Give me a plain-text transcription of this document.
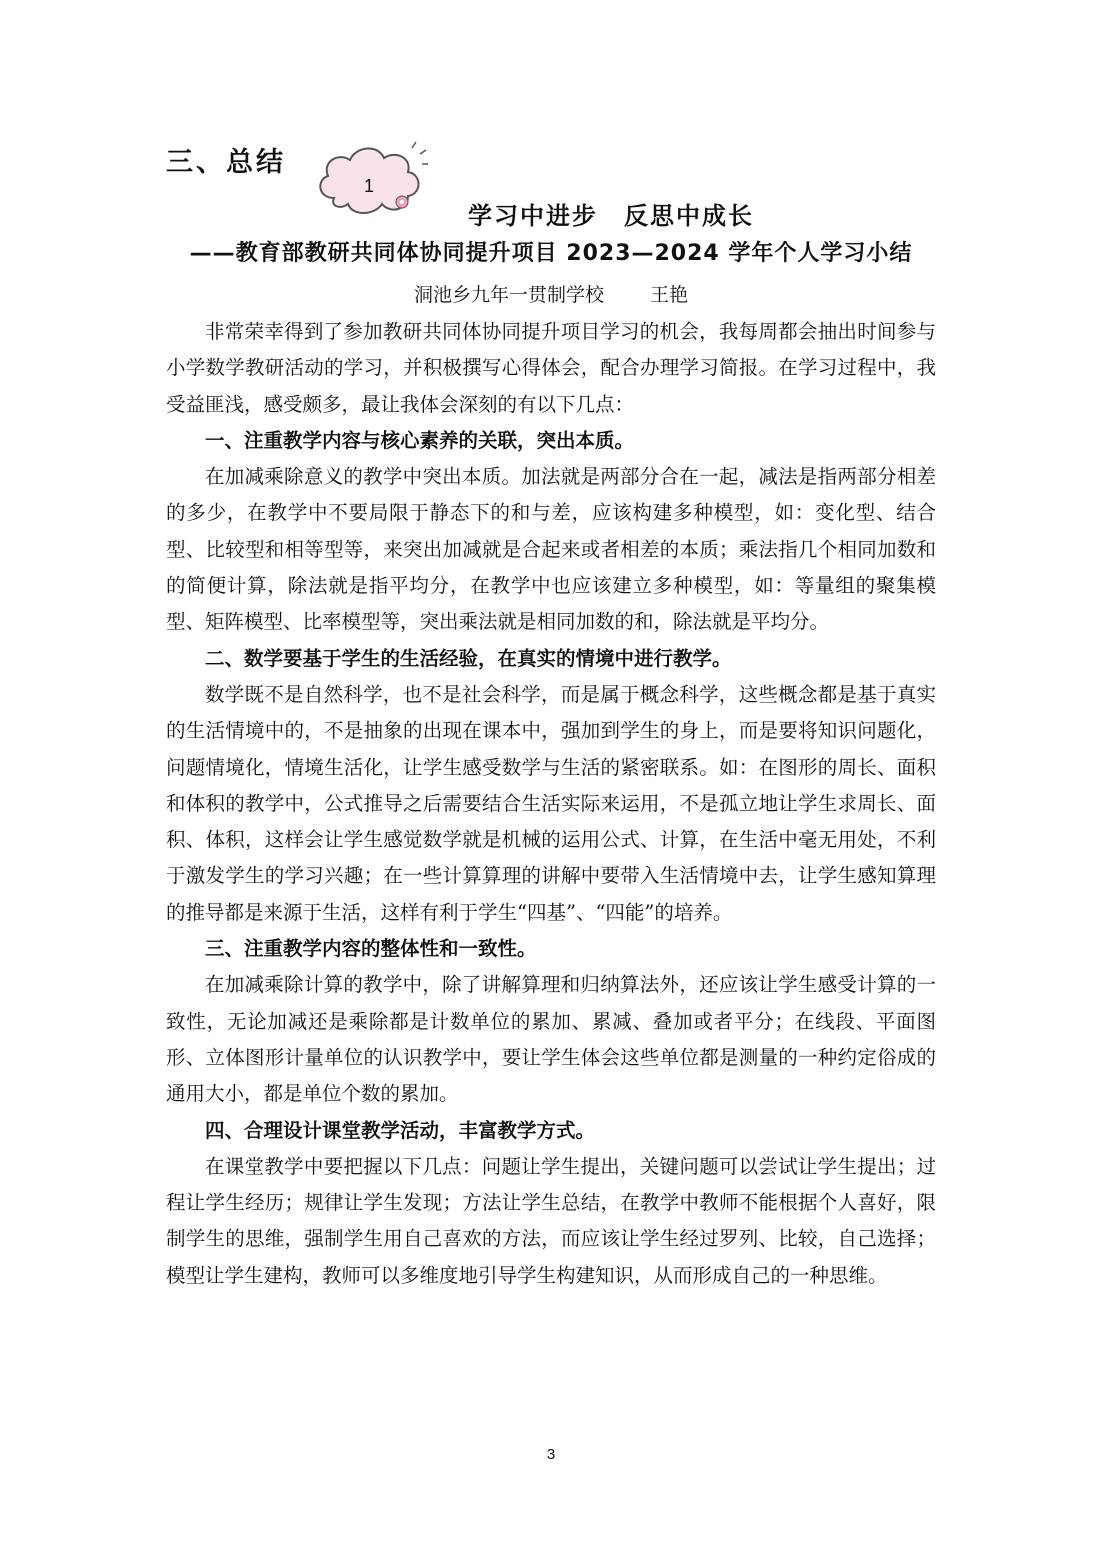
三、总结
1
学习中进步　反思中成长
——教育部教研共同体协同提升项目 2023—2024 学年个人学习小结
洞池乡九年一贯制学校 王艳

非常荣幸得到了参加教研共同体协同提升项目学习的机会，我每周都会抽出时间参与小学数学教研活动的学习，并积极撰写心得体会，配合办理学习简报。在学习过程中，我受益匪浅，感受颇多，最让我体会深刻的有以下几点：

一、注重教学内容与核心素养的关联，突出本质。

在加减乘除意义的教学中突出本质。加法就是两部分合在一起，减法是指两部分相差的多少，在教学中不要局限于静态下的和与差，应该构建多种模型，如：变化型、结合型、比较型和相等型等，来突出加减就是合起来或者相差的本质；乘法指几个相同加数和的简便计算，除法就是指平均分，在教学中也应该建立多种模型，如：等量组的聚集模型、矩阵模型、比率模型等，突出乘法就是相同加数的和，除法就是平均分。

二、数学要基于学生的生活经验，在真实的情境中进行教学。

数学既不是自然科学，也不是社会科学，而是属于概念科学，这些概念都是基于真实的生活情境中的，不是抽象的出现在课本中，强加到学生的身上，而是要将知识问题化，问题情境化，情境生活化，让学生感受数学与生活的紧密联系。如：在图形的周长、面积和体积的教学中，公式推导之后需要结合生活实际来运用，不是孤立地让学生求周长、面积、体积，这样会让学生感觉数学就是机械的运用公式、计算，在生活中毫无用处，不利于激发学生的学习兴趣；在一些计算算理的讲解中要带入生活情境中去，让学生感知算理的推导都是来源于生活，这样有利于学生“四基”、“四能”的培养。

三、注重教学内容的整体性和一致性。

在加减乘除计算的教学中，除了讲解算理和归纳算法外，还应该让学生感受计算的一致性，无论加减还是乘除都是计数单位的累加、累减、叠加或者平分；在线段、平面图形、立体图形计量单位的认识教学中，要让学生体会这些单位都是测量的一种约定俗成的通用大小，都是单位个数的累加。

四、合理设计课堂教学活动，丰富教学方式。

在课堂教学中要把握以下几点：问题让学生提出，关键问题可以尝试让学生提出；过程让学生经历；规律让学生发现；方法让学生总结，在教学中教师不能根据个人喜好，限制学生的思维，强制学生用自己喜欢的方法，而应该让学生经过罗列、比较，自己选择；模型让学生建构，教师可以多维度地引导学生构建知识，从而形成自己的一种思维。

3
